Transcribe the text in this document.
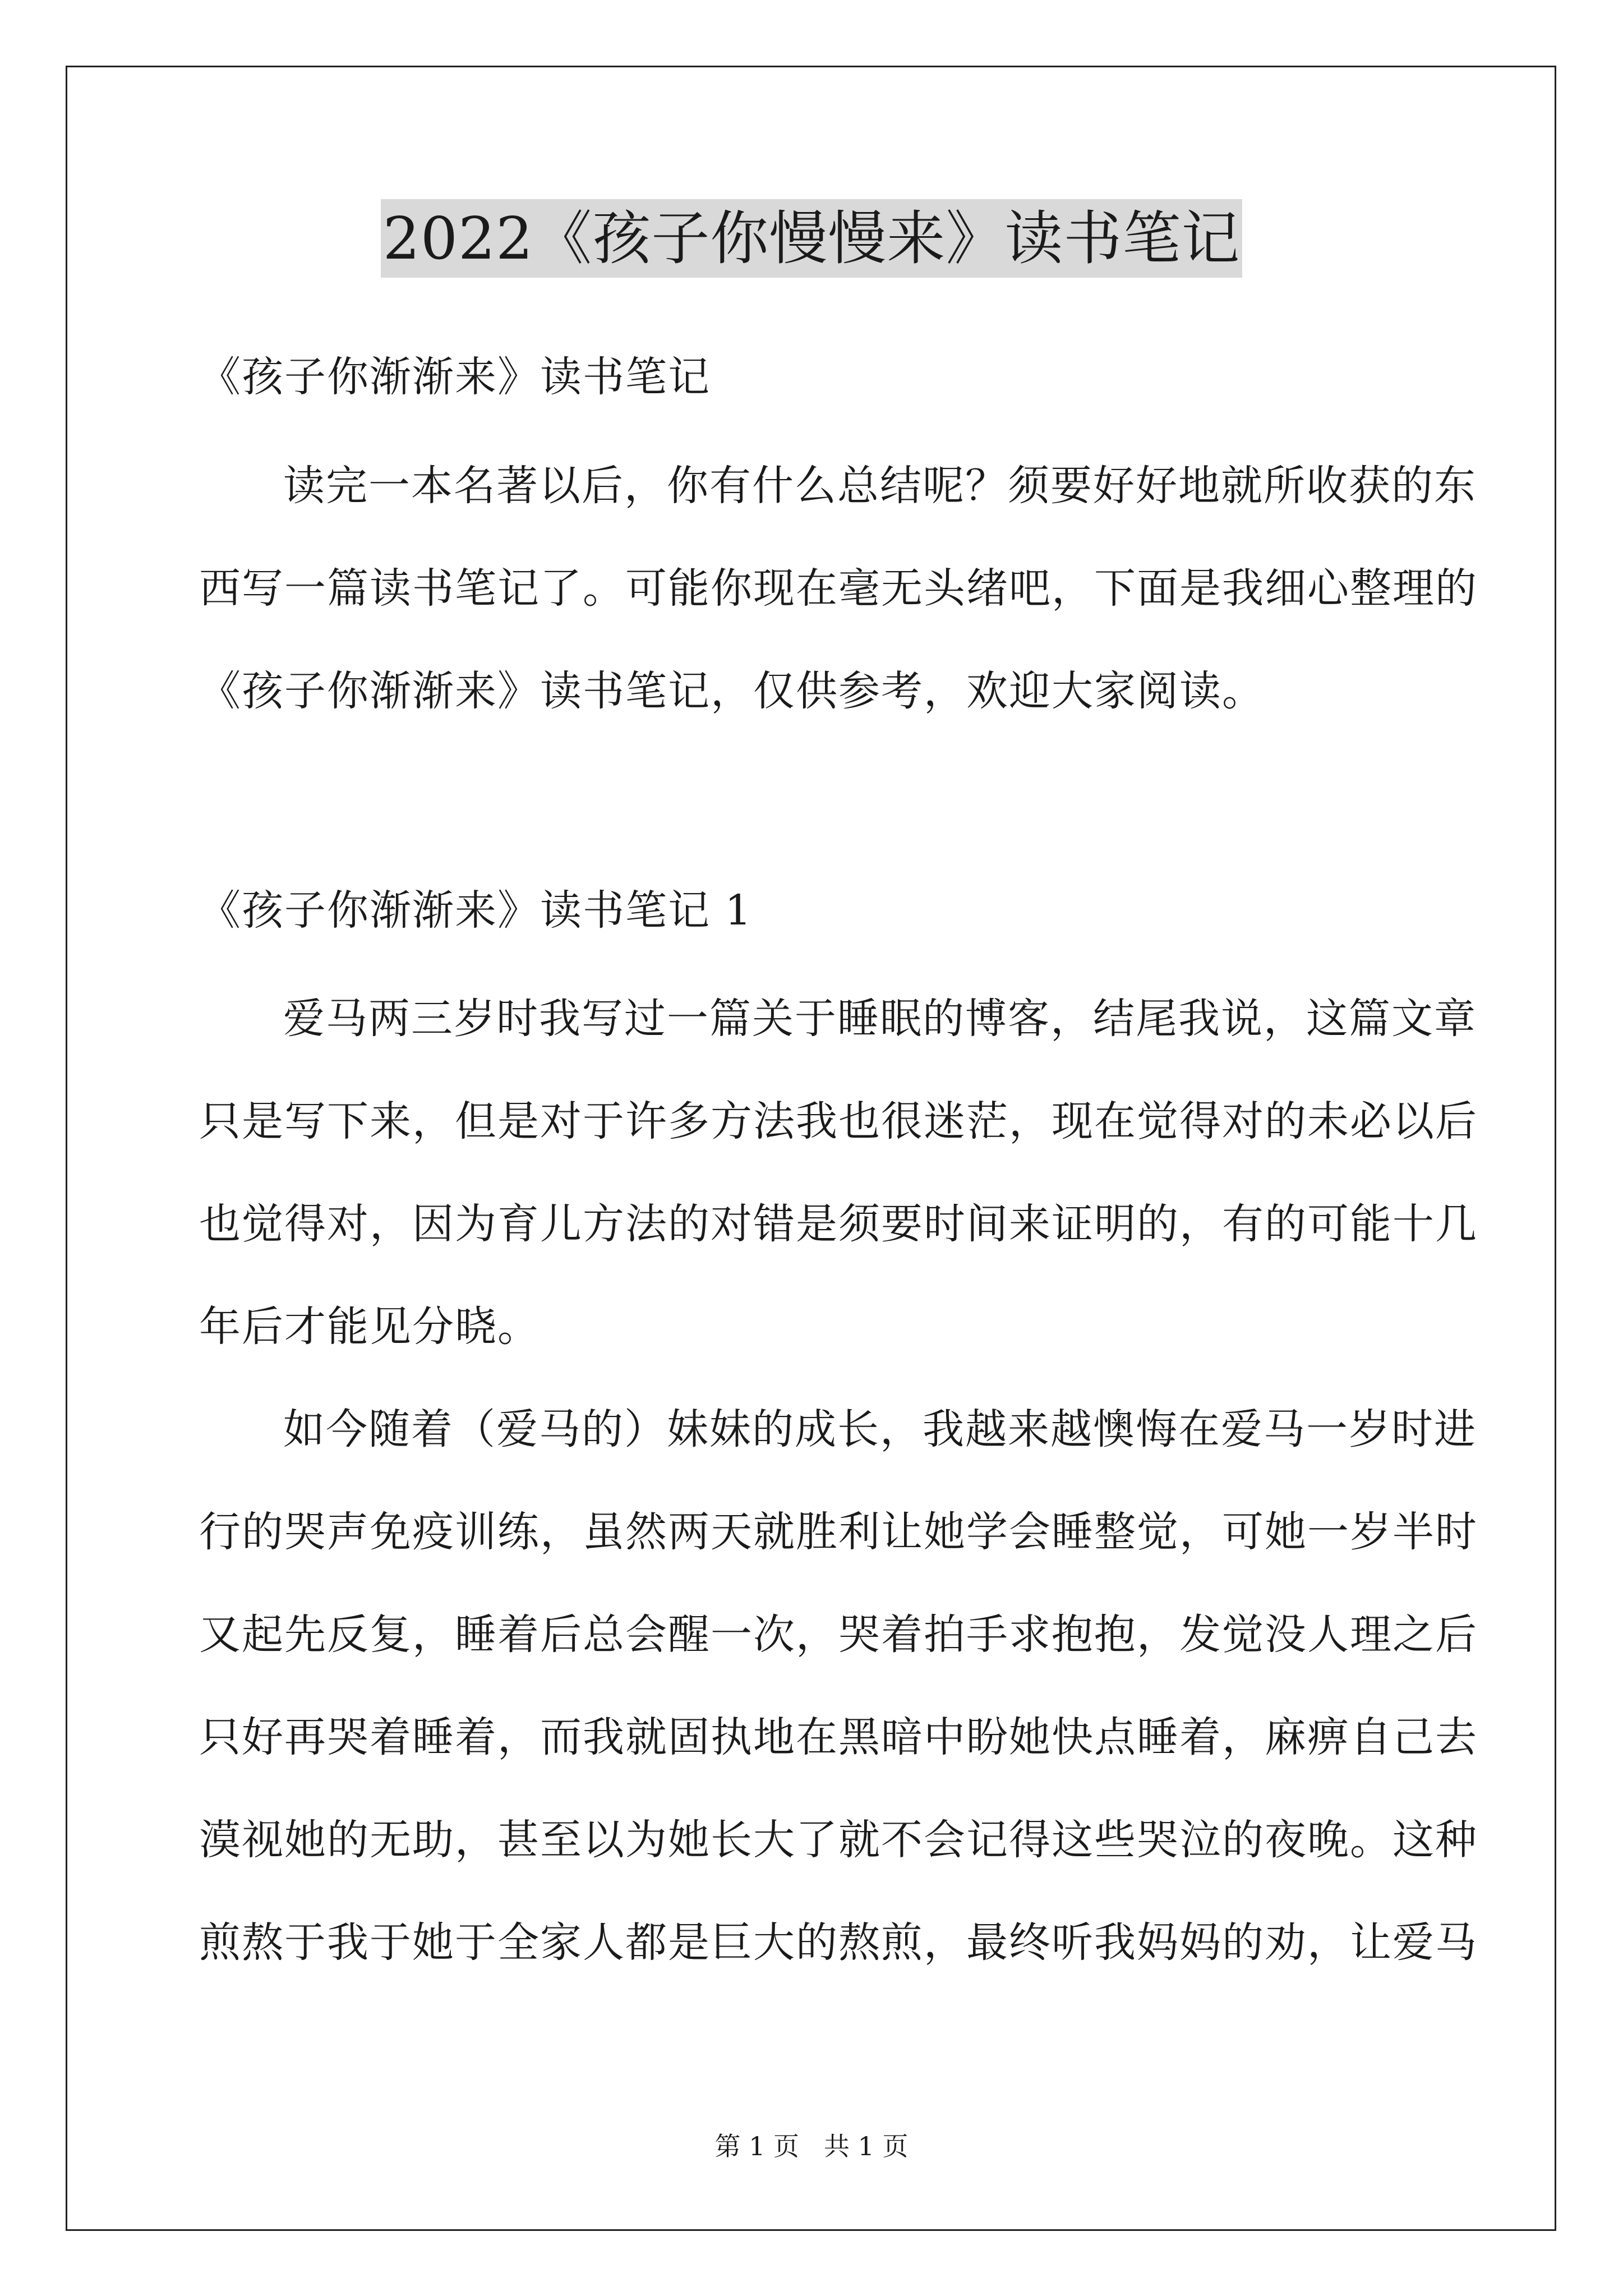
2022《孩子你慢慢来》读书笔记
《孩子你渐渐来》读书笔记
读完一本名著以后，你有什么总结呢？须要好好地就所收获的东
西写一篇读书笔记了。可能你现在毫无头绪吧，下面是我细心整理的
《孩子你渐渐来》读书笔记，仅供参考，欢迎大家阅读。
《孩子你渐渐来》读书笔记 1
爱马两三岁时我写过一篇关于睡眠的博客，结尾我说，这篇文章
只是写下来，但是对于许多方法我也很迷茫，现在觉得对的未必以后
也觉得对，因为育儿方法的对错是须要时间来证明的，有的可能十几
年后才能见分晓。
如今随着（爱马的）妹妹的成长，我越来越懊悔在爱马一岁时进
行的哭声免疫训练，虽然两天就胜利让她学会睡整觉，可她一岁半时
又起先反复，睡着后总会醒一次，哭着拍手求抱抱，发觉没人理之后
只好再哭着睡着，而我就固执地在黑暗中盼她快点睡着，麻痹自己去
漠视她的无助，甚至以为她长大了就不会记得这些哭泣的夜晚。这种
煎熬于我于她于全家人都是巨大的熬煎，最终听我妈妈的劝，让爱马
第 1 页 共 1 页
